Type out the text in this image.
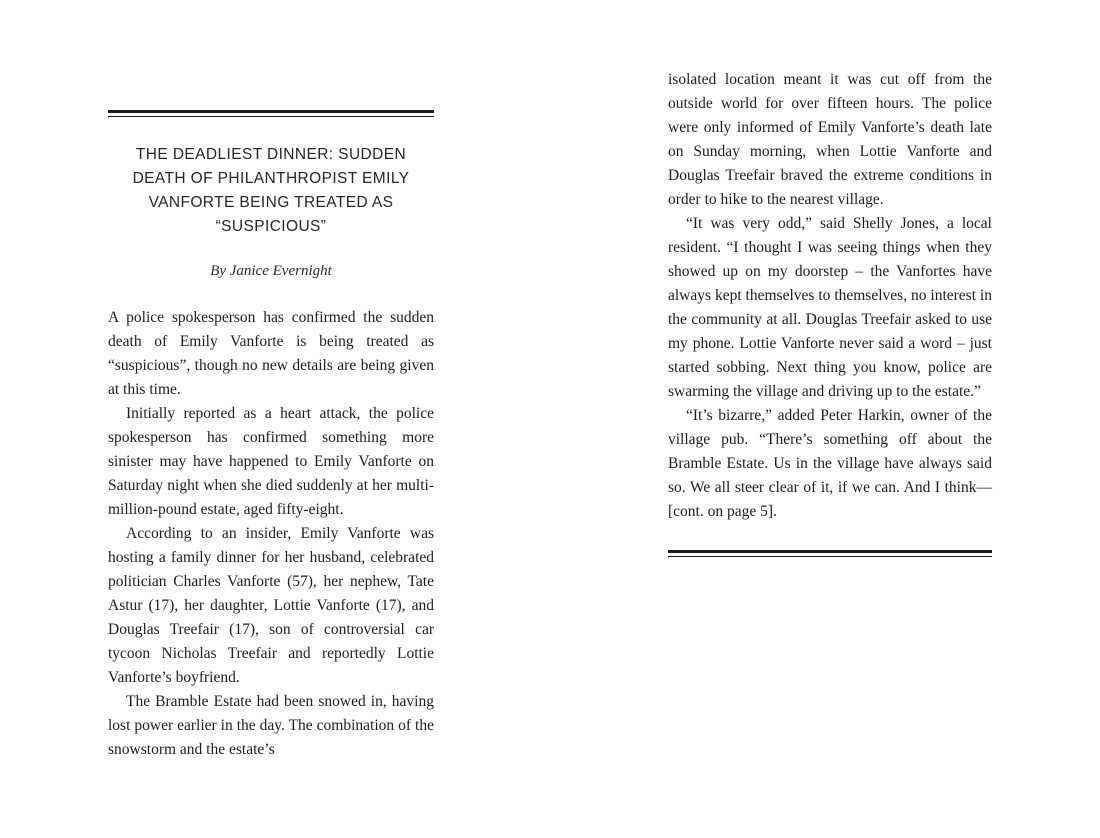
THE DEADLIEST DINNER: SUDDEN DEATH OF PHILANTHROPIST EMILY VANFORTE BEING TREATED AS “SUSPICIOUS”
By Janice Evernight

A police spokesperson has confirmed the sudden death of Emily Vanforte is being treated as “suspicious”, though no new details are being given at this time.

Initially reported as a heart attack, the police spokesperson has confirmed something more sinister may have happened to Emily Vanforte on Saturday night when she died suddenly at her multi-million-pound estate, aged fifty-eight.

According to an insider, Emily Vanforte was hosting a family dinner for her husband, celebrated politician Charles Vanforte (57), her nephew, Tate Astur (17), her daughter, Lottie Vanforte (17), and Douglas Treefair (17), son of controversial car tycoon Nicholas Treefair and reportedly Lottie Vanforte’s boyfriend.

The Bramble Estate had been snowed in, having lost power earlier in the day. The combination of the snowstorm and the estate’s

isolated location meant it was cut off from the outside world for over fifteen hours. The police were only informed of Emily Vanforte’s death late on Sunday morning, when Lottie Vanforte and Douglas Treefair braved the extreme conditions in order to hike to the nearest village.

“It was very odd,” said Shelly Jones, a local resident. “I thought I was seeing things when they showed up on my doorstep – the Vanfortes have always kept themselves to themselves, no interest in the community at all. Douglas Treefair asked to use my phone. Lottie Vanforte never said a word – just started sobbing. Next thing you know, police are swarming the village and driving up to the estate.”

“It’s bizarre,” added Peter Harkin, owner of the village pub. “There’s something off about the Bramble Estate. Us in the village have always said so. We all steer clear of it, if we can. And I think— [cont. on page 5].
